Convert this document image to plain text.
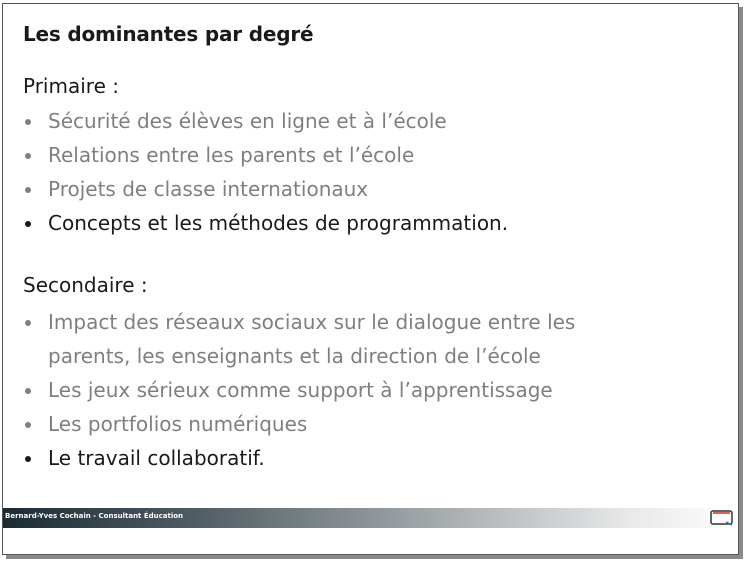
Les dominantes par degré
Primaire :
Sécurité des élèves en ligne et à l’école
Relations entre les parents et l’école
Projets de classe internationaux
Concepts et les méthodes de programmation.
Secondaire :
Impact des réseaux sociaux sur le dialogue entre les
parents, les enseignants et la direction de l’école
Les jeux sérieux comme support à l’apprentissage
Les portfolios numériques
Le travail collaboratif.
Bernard-Yves Cochain - Consultant Éducation
